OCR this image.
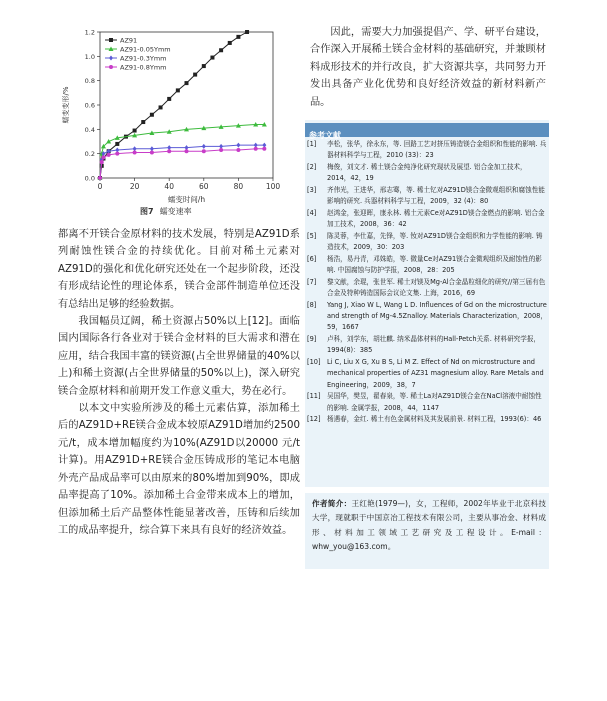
0	20	40	60	80	100
0.0
0.2
0.4
0.6
0.8
1.0
1.2
蠕变时间/h
蠕变变形/%
AZ91
AZ91-0.05Ymm
AZ91-0.3Ymm
AZ91-0.8Ymm
图7 蠕变速率

都离不开镁合金原材料的技术发展，特别是AZ91D系列耐蚀性镁合金的持续优化。目前对稀土元素对AZ91D的强化和优化研究还处在一个起步阶段，还没有形成结论性的理论体系，镁合金部件制造单位还没有总结出足够的经验数据。

我国幅员辽阔，稀土资源占50%以上[12]。面临国内国际各行各业对于镁合金材料的巨大需求和潜在应用，结合我国丰富的镁资源(占全世界储量的40%以上)和稀土资源(占全世界储量的50%以上)，深入研究镁合金原材料和前期开发工作意义重大，势在必行。

以本文中实验所涉及的稀土元素估算，添加稀土后的AZ91D+RE镁合金成本较原AZ91D增加约2500 元/t，成本增加幅度约为10%(AZ91D以20000 元/t计算)。用AZ91D+RE镁合金压铸成形的笔记本电脑外壳产品成品率可以由原来的80%增加到90%，即成品率提高了10%。添加稀土合金带来成本上的增加，但添加稀土后产品整体性能显著改善，压铸和后续加工的成品率提升，综合算下来具有良好的经济效益。

因此，需要大力加强提倡产、学、研平台建设，合作深入开展稀土镁合金材料的基础研究，并兼顾材料成形技术的并行改良，扩大资源共享，共同努力开发出具备产业化优势和良好经济效益的新材料新产品。

参考文献
[1]	李松，张华，徐永东，等. 回路工艺对挤压铸造镁合金组织和性能的影响. 兵器材料科学与工程，2010 (33)：23
[2]	梅俊，刘文才. 稀土镁合金纯净化研究现状及展望. 铝合金加工技术，2014，42，19
[3]	齐伟光，王进华，邢志骞，等. 稀土钇对AZ91D镁合金微观组织和腐蚀性能影响的研究. 兵器材料科学与工程，2009，32 (4)：80
[4]	赵鸿金，张迎晖，康永林. 稀土元素Ce对AZ91D镁合金燃点的影响. 铝合金加工技术，2008，36：42
[5]	陈灵蓉，李仕嘉，先锋，等. 钕对AZ91D镁合金组织和力学性能的影响. 铸造技术，2009，30：203
[6]	杨浩，易丹青，邓姝皓，等. 微量Ce对AZ91镁合金微观组织及耐蚀性的影响. 中国腐蚀与防护学报，2008，28：205
[7]	黎文献，余琨，张世军. 稀土对镁及Mg-Al合金晶粒细化的研究//第三届有色合金及特种铸造国际会议论文集. 上海，2016，69
[8]	Yang J, Xiao W L, Wang L D. Influences of Gd on the microstructure and strength of Mg-4.5Znalloy. Materials Characterization，2008，59，1667
[9]	卢科，刘学东，胡壮麒. 纳米晶体材料的Hall-Petch关系. 材料研究学报，1994(8)：385
[10] Li C, Liu X G, Xu B S, Li M Z. Effect of Nd on microstructure and mechanical properties of AZ31 magnesium alloy. Rare Metals and Engineering，2009，38，7
[11] 吴国华，樊昱，翟春泉，等. 稀土La对AZ91D镁合金在NaCl溶液中耐蚀性的影响. 金属学报，2008，44，1147
[12] 杨遇春，金红. 稀土有色金属材料及其发展前景. 材料工程，1993(6)：46
作者简介：王红艳(1979—)，女，工程师，2002年毕业于北京科技大学，现就职于中国京冶工程技术有限公司，主要从事冶金、材料成形、材料加工领域工艺研究及工程设计。E-mail：whw_you@163.com。
